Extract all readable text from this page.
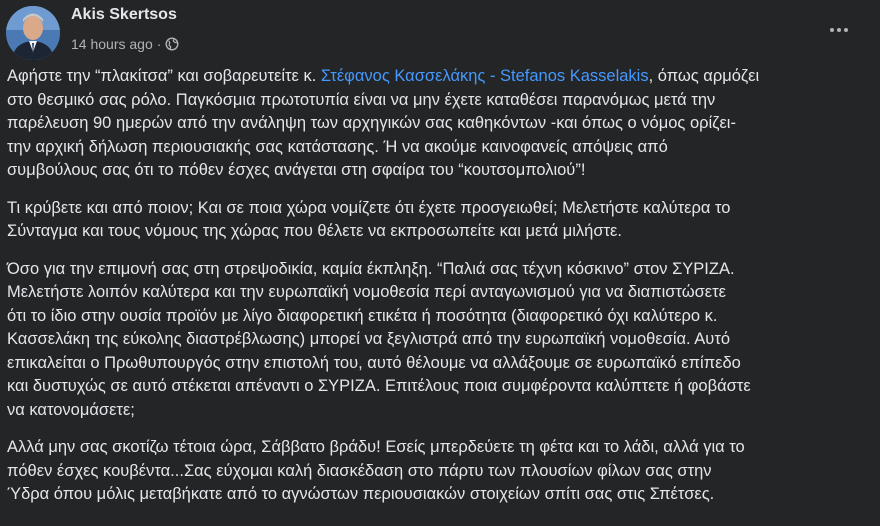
Akis Skertsos
14 hours ago ·

Αφήστε την “πλακίτσα” και σοβαρευτείτε κ. Στέφανος Κασσελάκης - Stefanos Kasselakis, όπως αρμόζει
στο θεσμικό σας ρόλο. Παγκόσμια πρωτοτυπία είναι να μην έχετε καταθέσει παρανόμως μετά την
παρέλευση 90 ημερών από την ανάληψη των αρχηγικών σας καθηκόντων -και όπως ο νόμος ορίζει-
την αρχική δήλωση περιουσιακής σας κατάστασης. Ή να ακούμε καινοφανείς απόψεις από
συμβούλους σας ότι το πόθεν έσχες ανάγεται στη σφαίρα του “κουτσομπολιού”!

Τι κρύβετε και από ποιον; Και σε ποια χώρα νομίζετε ότι έχετε προσγειωθεί; Μελετήστε καλύτερα το
Σύνταγμα και τους νόμους της χώρας που θέλετε να εκπροσωπείτε και μετά μιλήστε.

Όσο για την επιμονή σας στη στρεψοδικία, καμία έκπληξη. “Παλιά σας τέχνη κόσκινο” στον ΣΥΡΙΖΑ.
Μελετήστε λοιπόν καλύτερα και την ευρωπαϊκή νομοθεσία περί ανταγωνισμού για να διαπιστώσετε
ότι το ίδιο στην ουσία προϊόν με λίγο διαφορετική ετικέτα ή ποσότητα (διαφορετικό όχι καλύτερο κ.
Κασσελάκη της εύκολης διαστρέβλωσης) μπορεί να ξεγλιστρά από την ευρωπαϊκή νομοθεσία. Αυτό
επικαλείται ο Πρωθυπουργός στην επιστολή του, αυτό θέλουμε να αλλάξουμε σε ευρωπαϊκό επίπεδο
και δυστυχώς σε αυτό στέκεται απέναντι ο ΣΥΡΙΖΑ. Επιτέλους ποια συμφέροντα καλύπτετε ή φοβάστε
να κατονομάσετε;

Αλλά μην σας σκοτίζω τέτοια ώρα, Σάββατο βράδυ! Εσείς μπερδεύετε τη φέτα και το λάδι, αλλά για το
πόθεν έσχες κουβέντα...Σας εύχομαι καλή διασκέδαση στο πάρτυ των πλουσίων φίλων σας στην
Ύδρα όπου μόλις μεταβήκατε από το αγνώστων περιουσιακών στοιχείων σπίτι σας στις Σπέτσες.
